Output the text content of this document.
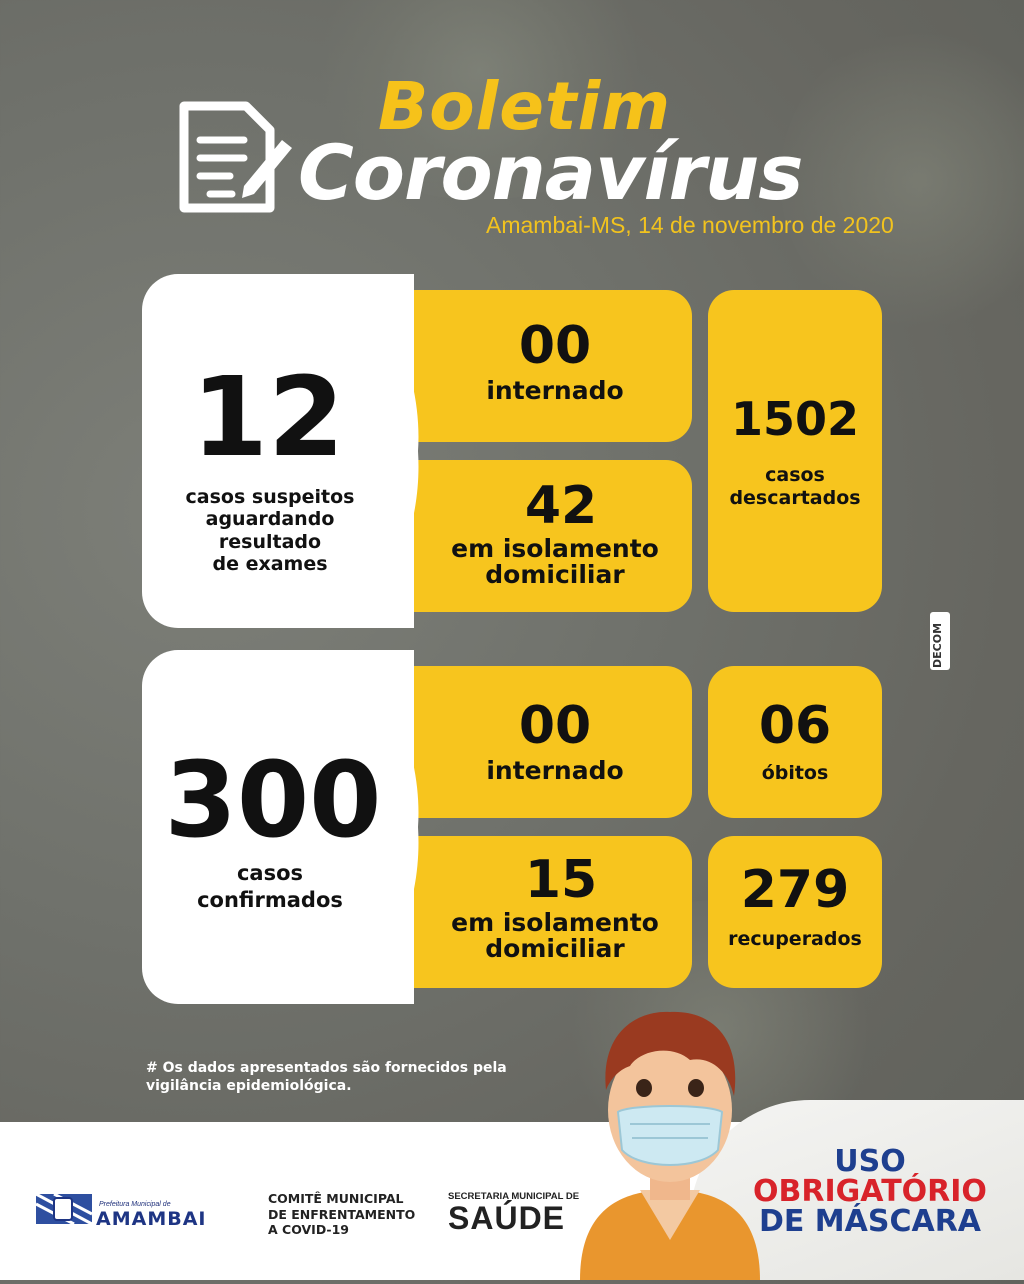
Boletim
Coronavírus
Amambai-MS, 14 de novembro de 2020
00
internado
42
em isolamento
domiciliar
12
casos suspeitos
aguardando
resultado
de exames
1502
casos
descartados
00
internado
15
em isolamento
domiciliar
300
casos
confirmados
06
óbitos
279
recuperados
DECOM
# Os dados apresentados são fornecidos pela vigilância epidemiológica.
Prefeitura Municipal de
AMAMBAI
COMITÊ MUNICIPAL
DE ENFRENTAMENTO
A COVID-19
SECRETARIA MUNICIPAL DE
SAÚDE
USO
OBRIGATÓRIO
DE MÁSCARA
